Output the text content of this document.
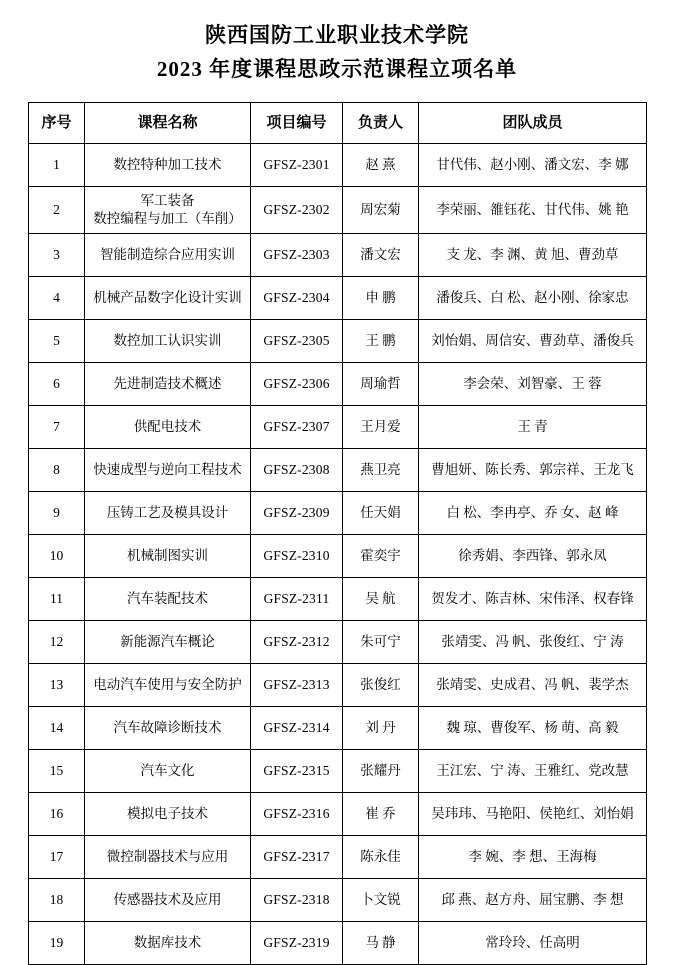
陕西国防工业职业技术学院
2023 年度课程思政示范课程立项名单
序号	课程名称	项目编号	负责人	团队成员
1	数控特种加工技术	GFSZ-2301	赵 熹	甘代伟、赵小刚、潘文宏、李 娜
2	军工装备
数控编程与加工（车削）	GFSZ-2302	周宏菊	李荣丽、雒钰花、甘代伟、姚 艳
3	智能制造综合应用实训	GFSZ-2303	潘文宏	支 龙、李 渊、黄 旭、曹劲草
4	机械产品数字化设计实训	GFSZ-2304	申 鹏	潘俊兵、白 松、赵小刚、徐家忠
5	数控加工认识实训	GFSZ-2305	王 鹏	刘怡娟、周信安、曹劲草、潘俊兵
6	先进制造技术概述	GFSZ-2306	周瑜哲	李会荣、刘智豪、王 蓉
7	供配电技术	GFSZ-2307	王月爱	王 青
8	快速成型与逆向工程技术	GFSZ-2308	燕卫亮	曹旭妍、陈长秀、郭宗祥、王龙飞
9	压铸工艺及模具设计	GFSZ-2309	任天娟	白 松、李冉亭、乔 女、赵 峰
10	机械制图实训	GFSZ-2310	霍奕宇	徐秀娟、李西锋、郭永凤
11	汽车装配技术	GFSZ-2311	吴 航	贺发才、陈吉林、宋伟泽、权春锋
12	新能源汽车概论	GFSZ-2312	朱可宁	张靖雯、冯 帆、张俊红、宁 涛
13	电动汽车使用与安全防护	GFSZ-2313	张俊红	张靖雯、史成君、冯 帆、裴学杰
14	汽车故障诊断技术	GFSZ-2314	刘 丹	魏 琼、曹俊军、杨 萌、高 毅
15	汽车文化	GFSZ-2315	张耀丹	王江宏、宁 涛、王雅红、党改慧
16	模拟电子技术	GFSZ-2316	崔 乔	吴玮玮、马艳阳、侯艳红、刘怡娟
17	微控制器技术与应用	GFSZ-2317	陈永佳	李 婉、李 想、王海梅
18	传感器技术及应用	GFSZ-2318	卜文锐	邱 燕、赵方舟、屈宝鹏、李 想
19	数据库技术	GFSZ-2319	马 静	常玲玲、任高明
